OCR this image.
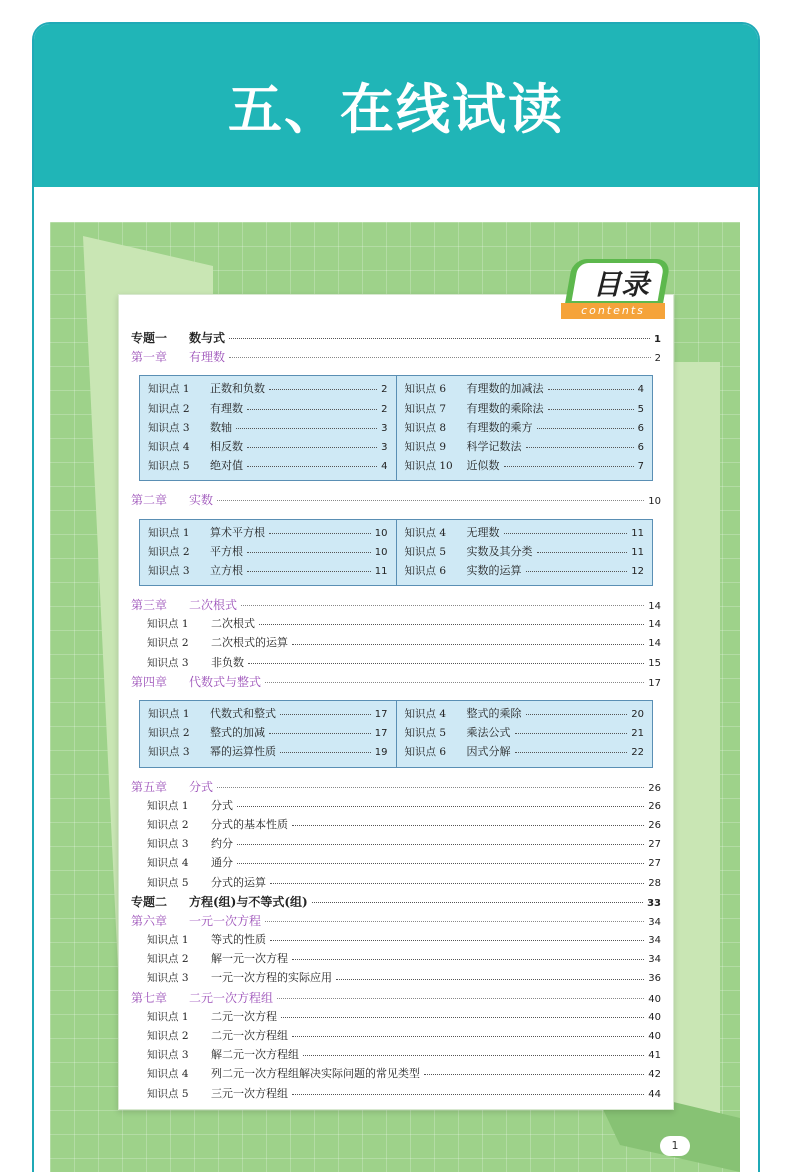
五、在线试读
1
目录
contents
专题一	数与式	1
第一章	有理数	2
知识点 1	正数和负数	2
知识点 2	有理数	2
知识点 3	数轴	3
知识点 4	相反数	3
知识点 5	绝对值	4
知识点 6	有理数的加减法	4
知识点 7	有理数的乘除法	5
知识点 8	有理数的乘方	6
知识点 9	科学记数法	6
知识点 10	近似数	7
第二章	实数	10
知识点 1	算术平方根	10
知识点 2	平方根	10
知识点 3	立方根	11
知识点 4	无理数	11
知识点 5	实数及其分类	11
知识点 6	实数的运算	12
第三章	二次根式	14
知识点 1	二次根式	14
知识点 2	二次根式的运算	14
知识点 3	非负数	15
第四章	代数式与整式	17
知识点 1	代数式和整式	17
知识点 2	整式的加减	17
知识点 3	幂的运算性质	19
知识点 4	整式的乘除	20
知识点 5	乘法公式	21
知识点 6	因式分解	22
第五章	分式	26
知识点 1	分式	26
知识点 2	分式的基本性质	26
知识点 3	约分	27
知识点 4	通分	27
知识点 5	分式的运算	28
专题二	方程(组)与不等式(组)	33
第六章	一元一次方程	34
知识点 1	等式的性质	34
知识点 2	解一元一次方程	34
知识点 3	一元一次方程的实际应用	36
第七章	二元一次方程组	40
知识点 1	二元一次方程	40
知识点 2	二元一次方程组	40
知识点 3	解二元一次方程组	41
知识点 4	列二元一次方程组解决实际问题的常见类型	42
知识点 5	三元一次方程组	44
